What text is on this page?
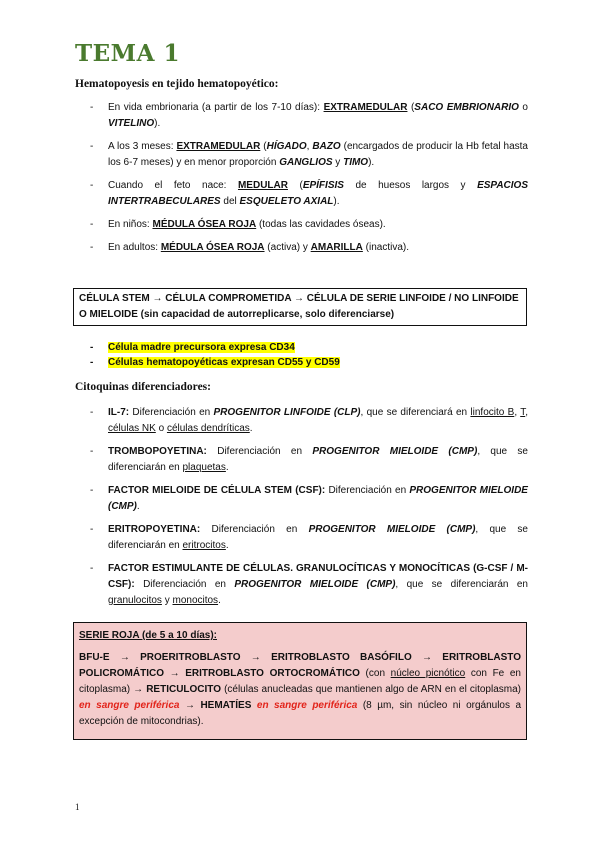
TEMA 1
Hematopoyesis en tejido hematopoyético:
- En vida embrionaria (a partir de los 7-10 días): EXTRAMEDULAR (SACO EMBRIONARIO o VITELINO).
- A los 3 meses: EXTRAMEDULAR (HÍGADO, BAZO (encargados de producir la Hb fetal hasta los 6-7 meses) y en menor proporción GANGLIOS y TIMO).
- Cuando el feto nace: MEDULAR (EPÍFISIS de huesos largos y ESPACIOS INTERTRABECULARES del ESQUELETO AXIAL).
- En niños: MÉDULA ÓSEA ROJA (todas las cavidades óseas).
- En adultos: MÉDULA ÓSEA ROJA (activa) y AMARILLA (inactiva).
CÉLULA STEM → CÉLULA COMPROMETIDA → CÉLULA DE SERIE LINFOIDE / NO LINFOIDE O MIELOIDE (sin capacidad de autorreplicarse, solo diferenciarse)
- Célula madre precursora expresa CD34
- Células hematopoyéticas expresan CD55 y CD59
Citoquinas diferenciadores:
- IL-7: Diferenciación en PROGENITOR LINFOIDE (CLP), que se diferenciará en linfocito B, T, células NK o células dendríticas.
- TROMBOPOYETINA: Diferenciación en PROGENITOR MIELOIDE (CMP), que se diferenciarán en plaquetas.
- FACTOR MIELOIDE DE CÉLULA STEM (CSF): Diferenciación en PROGENITOR MIELOIDE (CMP).
- ERITROPOYETINA: Diferenciación en PROGENITOR MIELOIDE (CMP), que se diferenciarán en eritrocitos.
- FACTOR ESTIMULANTE DE CÉLULAS. GRANULOCÍTICAS Y MONOCÍTICAS (G-CSF / M-CSF): Diferenciación en PROGENITOR MIELOIDE (CMP), que se diferenciarán en granulocitos y monocitos.
SERIE ROJA (de 5 a 10 días):
BFU-E → PROERITROBLASTO → ERITROBLASTO BASÓFILO → ERITROBLASTO POLICROMÁTICO → ERITROBLASTO ORTOCROMÁTICO (con núcleo picnótico con Fe en citoplasma) → RETICULOCITO (células anucleadas que mantienen algo de ARN en el citoplasma) en sangre periférica → HEMATÍES en sangre periférica (8 µm, sin núcleo ni orgánulos a excepción de mitocondrias).
1
